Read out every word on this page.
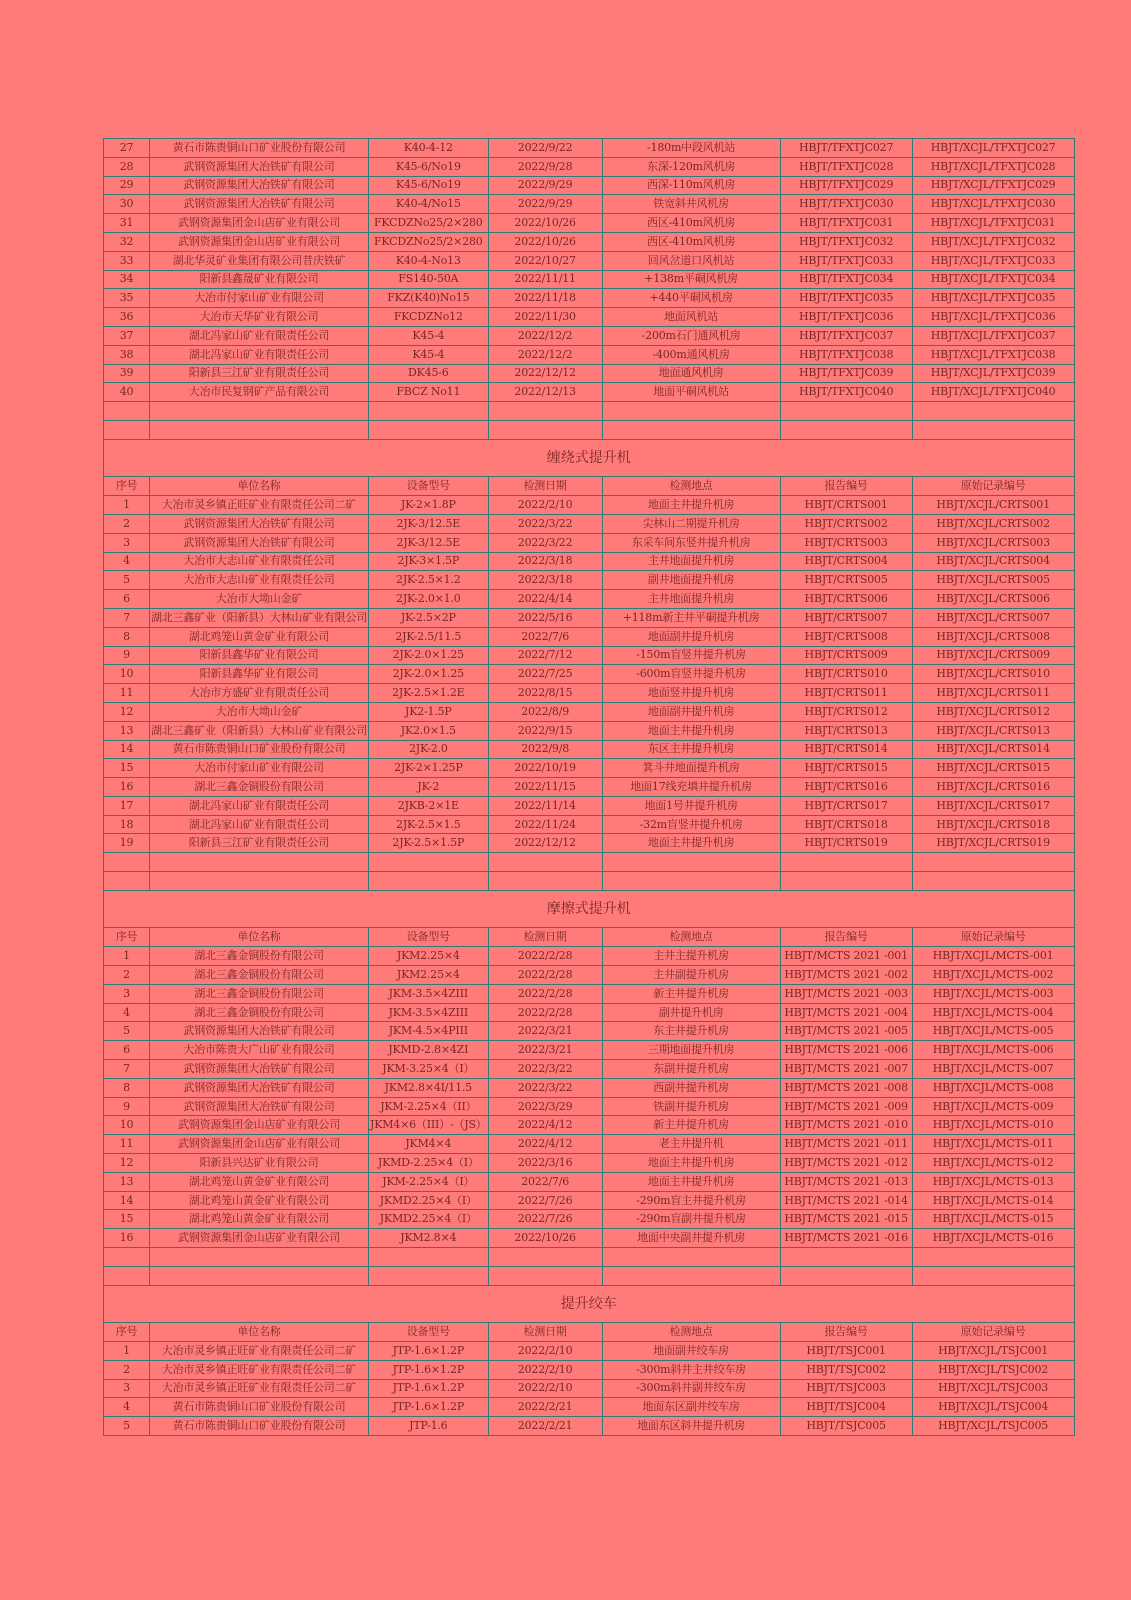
27	黄石市陈贵铜山口矿业股份有限公司	K40-4-12	2022/9/22	-180m中段风机站	HBJT/TFXTJC027	HBJT/XCJL/TFXTJC027
28	武钢资源集团大冶铁矿有限公司	K45-6/No19	2022/9/28	东深-120m风机房	HBJT/TFXTJC028	HBJT/XCJL/TFXTJC028
29	武钢资源集团大冶铁矿有限公司	K45-6/No19	2022/9/29	西深-110m风机房	HBJT/TFXTJC029	HBJT/XCJL/TFXTJC029
30	武钢资源集团大冶铁矿有限公司	K40-4/No15	2022/9/29	铁宽斜井风机房	HBJT/TFXTJC030	HBJT/XCJL/TFXTJC030
31	武钢资源集团金山店矿业有限公司	FKCDZNo25/2×280	2022/10/26	西区-410m风机房	HBJT/TFXTJC031	HBJT/XCJL/TFXTJC031
32	武钢资源集团金山店矿业有限公司	FKCDZNo25/2×280	2022/10/26	西区-410m风机房	HBJT/TFXTJC032	HBJT/XCJL/TFXTJC032
33	湖北华灵矿业集团有限公司昔庆铁矿	K40-4-No13	2022/10/27	回风岔道口风机站	HBJT/TFXTJC033	HBJT/XCJL/TFXTJC033
34	阳新县鑫晟矿业有限公司	FS140-50A	2022/11/11	+138m平硐风机房	HBJT/TFXTJC034	HBJT/XCJL/TFXTJC034
35	大冶市付家山矿业有限公司	FKZ(K40)No15	2022/11/18	+440平硐风机房	HBJT/TFXTJC035	HBJT/XCJL/TFXTJC035
36	大冶市天华矿业有限公司	FKCDZNo12	2022/11/30	地面风机站	HBJT/TFXTJC036	HBJT/XCJL/TFXTJC036
37	湖北冯家山矿业有限责任公司	K45-4	2022/12/2	-200m石门通风机房	HBJT/TFXTJC037	HBJT/XCJL/TFXTJC037
38	湖北冯家山矿业有限责任公司	K45-4	2022/12/2	-400m通风机房	HBJT/TFXTJC038	HBJT/XCJL/TFXTJC038
39	阳新县三江矿业有限责任公司	DK45-6	2022/12/12	地面通风机房	HBJT/TFXTJC039	HBJT/XCJL/TFXTJC039
40	大冶市民复钢矿产品有限公司	FBCZ No11	2022/12/13	地面平硐风机站	HBJT/TFXTJC040	HBJT/XCJL/TFXTJC040

缠绕式提升机						
序号	单位名称	设备型号	检测日期	检测地点	报告编号	原始记录编号
1	大冶市灵乡镇正旺矿业有限责任公司二矿	JK-2×1.8P	2022/2/10	地面主井提升机房	HBJT/CRTS001	HBJT/XCJL/CRTS001
2	武钢资源集团大冶铁矿有限公司	2JK-3/12.5E	2022/3/22	尖林山二期提升机房	HBJT/CRTS002	HBJT/XCJL/CRTS002
3	武钢资源集团大冶铁矿有限公司	2JK-3/12.5E	2022/3/22	东采车间东竖井提升机房	HBJT/CRTS003	HBJT/XCJL/CRTS003
4	大冶市大志山矿业有限责任公司	2JK-3×1.5P	2022/3/18	主井地面提升机房	HBJT/CRTS004	HBJT/XCJL/CRTS004
5	大冶市大志山矿业有限责任公司	2JK-2.5×1.2	2022/3/18	副井地面提升机房	HBJT/CRTS005	HBJT/XCJL/CRTS005
6	大冶市大坳山金矿	2JK-2.0×1.0	2022/4/14	主井地面提升机房	HBJT/CRTS006	HBJT/XCJL/CRTS006
7	湖北三鑫矿业（阳新县）大林山矿业有限公司	JK-2.5×2P	2022/5/16	+118m新主井平硐提升机房	HBJT/CRTS007	HBJT/XCJL/CRTS007
8	湖北鸡笼山黄金矿业有限公司	2JK-2.5/11.5	2022/7/6	地面副井提升机房	HBJT/CRTS008	HBJT/XCJL/CRTS008
9	阳新县鑫华矿业有限公司	2JK-2.0×1.25	2022/7/12	-150m盲竖井提升机房	HBJT/CRTS009	HBJT/XCJL/CRTS009
10	阳新县鑫华矿业有限公司	2JK-2.0×1.25	2022/7/25	-600m盲竖井提升机房	HBJT/CRTS010	HBJT/XCJL/CRTS010
11	大冶市方盛矿业有限责任公司	2JK-2.5×1.2E	2022/8/15	地面竖井提升机房	HBJT/CRTS011	HBJT/XCJL/CRTS011
12	大冶市大坳山金矿	JK2-1.5P	2022/8/9	地面副井提升机房	HBJT/CRTS012	HBJT/XCJL/CRTS012
13	湖北三鑫矿业（阳新县）大林山矿业有限公司	JK2.0×1.5	2022/9/15	地面主井提升机房	HBJT/CRTS013	HBJT/XCJL/CRTS013
14	黄石市陈贵铜山口矿业股份有限公司	2JK-2.0	2022/9/8	东区主井提升机房	HBJT/CRTS014	HBJT/XCJL/CRTS014
15	大冶市付家山矿业有限公司	2JK-2×1.25P	2022/10/19	箕斗井地面提升机房	HBJT/CRTS015	HBJT/XCJL/CRTS015
16	湖北三鑫金铜股份有限公司	JK-2	2022/11/15	地面17线充填井提升机房	HBJT/CRTS016	HBJT/XCJL/CRTS016
17	湖北冯家山矿业有限责任公司	2JKB-2×1E	2022/11/14	地面1号井提升机房	HBJT/CRTS017	HBJT/XCJL/CRTS017
18	湖北冯家山矿业有限责任公司	2JK-2.5×1.5	2022/11/24	-32m盲竖井提升机房	HBJT/CRTS018	HBJT/XCJL/CRTS018
19	阳新县三江矿业有限责任公司	2JK-2.5×1.5P	2022/12/12	地面主井提升机房	HBJT/CRTS019	HBJT/XCJL/CRTS019

摩擦式提升机						
序号	单位名称	设备型号	检测日期	检测地点	报告编号	原始记录编号
1	湖北三鑫金铜股份有限公司	JKM2.25×4	2022/2/28	主井主提升机房	HBJT/MCTS 2021 -001	HBJT/XCJL/MCTS-001
2	湖北三鑫金铜股份有限公司	JKM2.25×4	2022/2/28	主井副提升机房	HBJT/MCTS 2021 -002	HBJT/XCJL/MCTS-002
3	湖北三鑫金铜股份有限公司	JKM-3.5×4ZIII	2022/2/28	新主井提升机房	HBJT/MCTS 2021 -003	HBJT/XCJL/MCTS-003
4	湖北三鑫金铜股份有限公司	JKM-3.5×4ZIII	2022/2/28	副井提升机房	HBJT/MCTS 2021 -004	HBJT/XCJL/MCTS-004
5	武钢资源集团大冶铁矿有限公司	JKM-4.5×4PIII	2022/3/21	东主井提升机房	HBJT/MCTS 2021 -005	HBJT/XCJL/MCTS-005
6	大冶市陈贵大广山矿业有限公司	JKMD-2.8×4ZI	2022/3/21	三期地面提升机房	HBJT/MCTS 2021 -006	HBJT/XCJL/MCTS-006
7	武钢资源集团大冶铁矿有限公司	JKM-3.25×4（I）	2022/3/22	东副井提升机房	HBJT/MCTS 2021 -007	HBJT/XCJL/MCTS-007
8	武钢资源集团大冶铁矿有限公司	JKM2.8×4I/11.5	2022/3/22	西副井提升机房	HBJT/MCTS 2021 -008	HBJT/XCJL/MCTS-008
9	武钢资源集团大冶铁矿有限公司	JKM-2.25×4（II）	2022/3/29	铁副井提升机房	HBJT/MCTS 2021 -009	HBJT/XCJL/MCTS-009
10	武钢资源集团金山店矿业有限公司	JKM4×6（III）-（JS）	2022/4/12	新主井提升机房	HBJT/MCTS 2021 -010	HBJT/XCJL/MCTS-010
11	武钢资源集团金山店矿业有限公司	JKM4×4	2022/4/12	老主井提升机	HBJT/MCTS 2021 -011	HBJT/XCJL/MCTS-011
12	阳新县兴达矿业有限公司	JKMD-2.25×4（I）	2022/3/16	地面主井提升机房	HBJT/MCTS 2021 -012	HBJT/XCJL/MCTS-012
13	湖北鸡笼山黄金矿业有限公司	JKM-2.25×4（I）	2022/7/6	地面主井提升机房	HBJT/MCTS 2021 -013	HBJT/XCJL/MCTS-013
14	湖北鸡笼山黄金矿业有限公司	JKMD2.25×4（I）	2022/7/26	-290m盲主井提升机房	HBJT/MCTS 2021 -014	HBJT/XCJL/MCTS-014
15	湖北鸡笼山黄金矿业有限公司	JKMD2.25×4（I）	2022/7/26	-290m盲副井提升机房	HBJT/MCTS 2021 -015	HBJT/XCJL/MCTS-015
16	武钢资源集团金山店矿业有限公司	JKM2.8×4	2022/10/26	地面中央副井提升机房	HBJT/MCTS 2021 -016	HBJT/XCJL/MCTS-016

提升绞车						
序号	单位名称	设备型号	检测日期	检测地点	报告编号	原始记录编号
1	大冶市灵乡镇正旺矿业有限责任公司二矿	JTP-1.6×1.2P	2022/2/10	地面副井绞车房	HBJT/TSJC001	HBJT/XCJL/TSJC001
2	大冶市灵乡镇正旺矿业有限责任公司二矿	JTP-1.6×1.2P	2022/2/10	-300m斜井主井绞车房	HBJT/TSJC002	HBJT/XCJL/TSJC002
3	大冶市灵乡镇正旺矿业有限责任公司二矿	JTP-1.6×1.2P	2022/2/10	-300m斜井副井绞车房	HBJT/TSJC003	HBJT/XCJL/TSJC003
4	黄石市陈贵铜山口矿业股份有限公司	JTP-1.6×1.2P	2022/2/21	地面东区副井绞车房	HBJT/TSJC004	HBJT/XCJL/TSJC004
5	黄石市陈贵铜山口矿业股份有限公司	JTP-1.6	2022/2/21	地面东区斜井提升机房	HBJT/TSJC005	HBJT/XCJL/TSJC005
